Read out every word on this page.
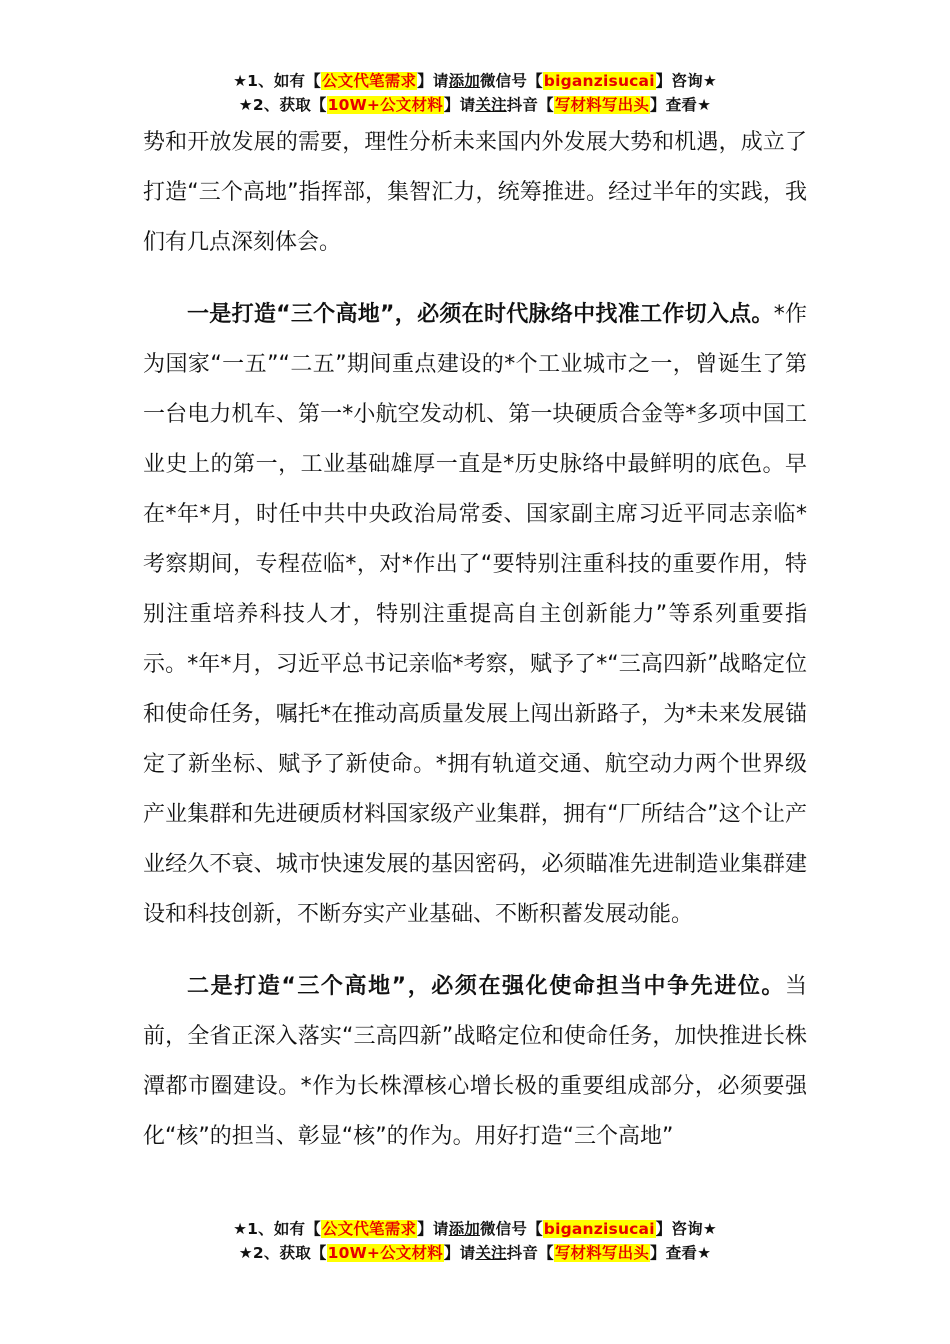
★1、如有【公文代笔需求】请添加微信号【biganzisucai】咨询★
★2、获取【10W+公文材料】请关注抖音【写材料写出头】查看★

势和开放发展的需要，理性分析未来国内外发展大势和机遇，成立了打造“三个高地”指挥部，集智汇力，统筹推进。经过半年的实践，我们有几点深刻体会。

一是打造“三个高地”，必须在时代脉络中找准工作切入点。*作为国家“一五”“二五”期间重点建设的*个工业城市之一，曾诞生了第一台电力机车、第一*小航空发动机、第一块硬质合金等*多项中国工业史上的第一，工业基础雄厚一直是*历史脉络中最鲜明的底色。早在*年*月，时任中共中央政治局常委、国家副主席习近平同志亲临*考察期间，专程莅临*，对*作出了“要特别注重科技的重要作用，特别注重培养科技人才，特别注重提高自主创新能力”等系列重要指示。*年*月，习近平总书记亲临*考察，赋予了*“三高四新”战略定位和使命任务，嘱托*在推动高质量发展上闯出新路子，为*未来发展锚定了新坐标、赋予了新使命。*拥有轨道交通、航空动力两个世界级产业集群和先进硬质材料国家级产业集群，拥有“厂所结合”这个让产业经久不衰、城市快速发展的基因密码，必须瞄准先进制造业集群建设和科技创新，不断夯实产业基础、不断积蓄发展动能。

二是打造“三个高地”，必须在强化使命担当中争先进位。当前，全省正深入落实“三高四新”战略定位和使命任务，加快推进长株潭都市圈建设。*作为长株潭核心增长极的重要组成部分，必须要强化“核”的担当、彰显“核”的作为。用好打造“三个高地”

★1、如有【公文代笔需求】请添加微信号【biganzisucai】咨询★
★2、获取【10W+公文材料】请关注抖音【写材料写出头】查看★
